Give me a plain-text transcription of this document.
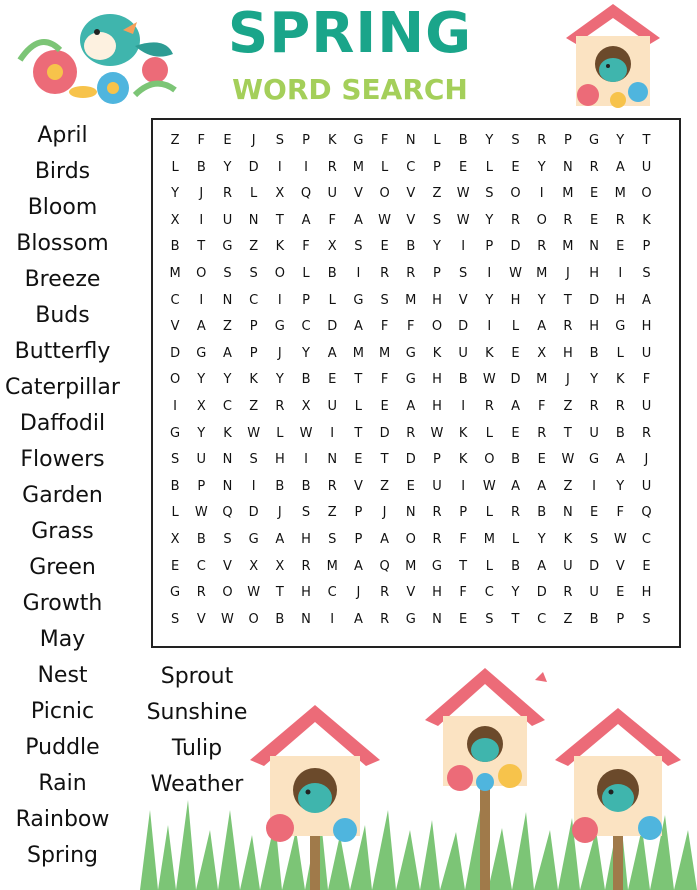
SPRING
WORD SEARCH
Z	F	E	J	S	P	K	G	F	N	L	B	Y	S	R	P	G	Y	T
L	B	Y	D	I	I	R	M	L	C	P	E	L	E	Y	N	R	A	U
Y	J	R	L	X	Q	U	V	O	V	Z	W	S	O	I	M	E	M	O
X	I	U	N	T	A	F	A	W	V	S	W	Y	R	O	R	E	R	K
B	T	G	Z	K	F	X	S	E	B	Y	I	P	D	R	M	N	E	P
M	O	S	S	O	L	B	I	R	R	P	S	I	W	M	J	H	I	S
C	I	N	C	I	P	L	G	S	M	H	V	Y	H	Y	T	D	H	A
V	A	Z	P	G	C	D	A	F	F	O	D	I	L	A	R	H	G	H
D	G	A	P	J	Y	A	M	M	G	K	U	K	E	X	H	B	L	U
O	Y	Y	K	Y	B	E	T	F	G	H	B	W	D	M	J	Y	K	F
I	X	C	Z	R	X	U	L	E	A	H	I	R	A	F	Z	R	R	U
G	Y	K	W	L	W	I	T	D	R	W	K	L	E	R	T	U	B	R
S	U	N	S	H	I	N	E	T	D	P	K	O	B	E	W	G	A	J
B	P	N	I	B	B	R	V	Z	E	U	I	W	A	A	Z	I	Y	U
L	W	Q	D	J	S	Z	P	J	N	R	P	L	R	B	N	E	F	Q
X	B	S	G	A	H	S	P	A	O	R	F	M	L	Y	K	S	W	C
E	C	V	X	X	R	M	A	Q	M	G	T	L	B	A	U	D	V	E
G	R	O	W	T	H	C	J	R	V	H	F	C	Y	D	R	U	E	H
S	V	W	O	B	N	I	A	R	G	N	E	S	T	C	Z	B	P	S
April
Birds
Bloom
Blossom
Breeze
Buds
Butterfly
Caterpillar
Daffodil
Flowers
Garden
Grass
Green
Growth
May
Nest
Picnic
Puddle
Rain
Rainbow
Spring
Sprout
Sunshine
Tulip
Weather
